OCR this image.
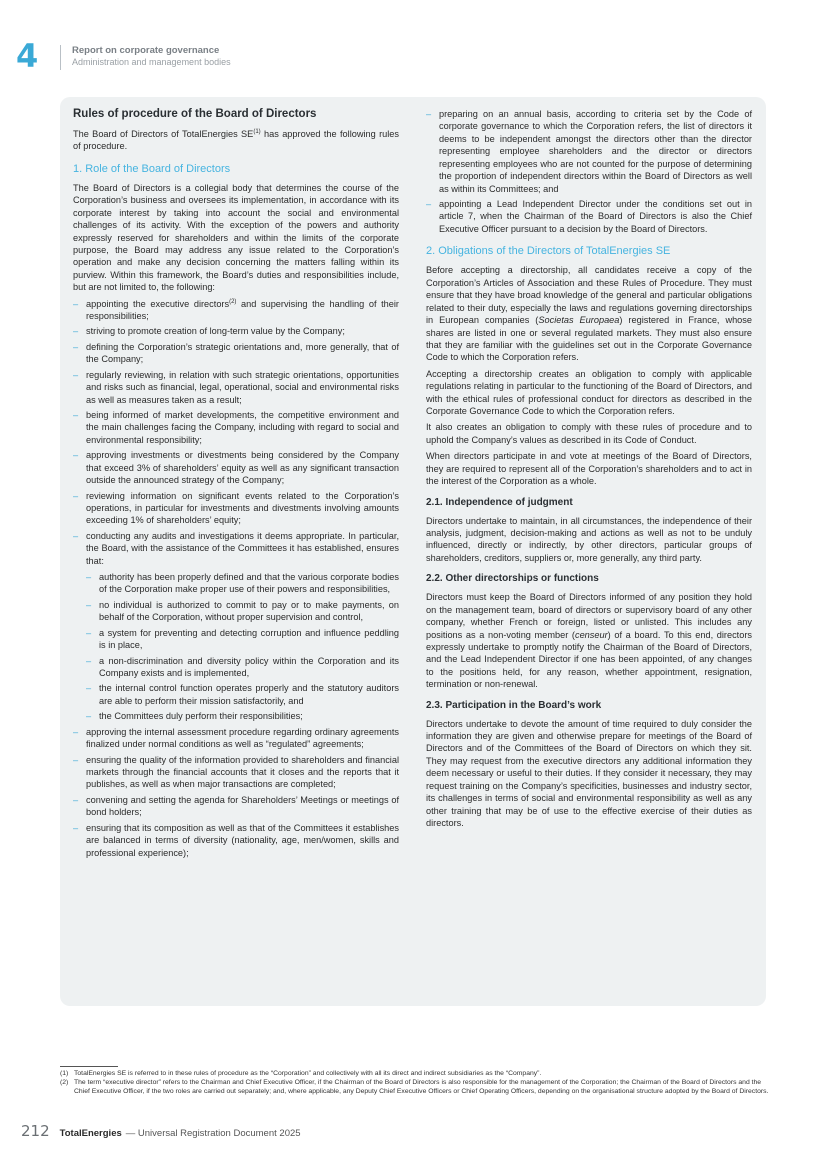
4	Report on corporate governance
Administration and management bodies
Rules of procedure of the Board of Directors

The Board of Directors of TotalEnergies SE$^{(1)}$ has approved the following rules of procedure.

1. Role of the Board of Directors

The Board of Directors is a collegial body that determines the course of the Corporation’s business and oversees its implementation, in accordance with its corporate interest by taking into account the social and environmental challenges of its activity. With the exception of the powers and authority expressly reserved for shareholders and within the limits of the corporate purpose, the Board may address any issue related to the Corporation’s operation and make any decision concerning the matters falling within its purview. Within this framework, the Board’s duties and responsibilities include, but are not limited to, the following:

– appointing the executive directors$^{(2)}$ and supervising the handling of their responsibilities;
– striving to promote creation of long-term value by the Company;
– defining the Corporation’s strategic orientations and, more generally, that of the Company;
– regularly reviewing, in relation with such strategic orientations, opportunities and risks such as financial, legal, operational, social and environmental risks as well as measures taken as a result;
– being informed of market developments, the competitive environment and the main challenges facing the Company, including with regard to social and environmental responsibility;
– approving investments or divestments being considered by the Company that exceed 3% of shareholders’ equity as well as any significant transaction outside the announced strategy of the Company;
– reviewing information on significant events related to the Corporation’s operations, in particular for investments and divestments involving amounts exceeding 1% of shareholders’ equity;
– conducting any audits and investigations it deems appropriate. In particular, the Board, with the assistance of the Committees it has established, ensures that:
– authority has been properly defined and that the various corporate bodies of the Corporation make proper use of their powers and responsibilities,
– no individual is authorized to commit to pay or to make payments, on behalf of the Corporation, without proper supervision and control,
– a system for preventing and detecting corruption and influence peddling is in place,
– a non-discrimination and diversity policy within the Corporation and its Company exists and is implemented,
– the internal control function operates properly and the statutory auditors are able to perform their mission satisfactorily, and
– the Committees duly perform their responsibilities;
– approving the internal assessment procedure regarding ordinary agreements finalized under normal conditions as well as “regulated” agreements;
– ensuring the quality of the information provided to shareholders and financial markets through the financial accounts that it closes and the reports that it publishes, as well as when major transactions are completed;
– convening and setting the agenda for Shareholders’ Meetings or meetings of bond holders;
– ensuring that its composition as well as that of the Committees it establishes are balanced in terms of diversity (nationality, age, men/women, skills and professional experience);
– preparing on an annual basis, according to criteria set by the Code of corporate governance to which the Corporation refers, the list of directors it deems to be independent amongst the directors other than the director representing employee shareholders and the director or directors representing employees who are not counted for the purpose of determining the proportion of independent directors within the Board of Directors as well as within its Committees; and
– appointing a Lead Independent Director under the conditions set out in article 7, when the Chairman of the Board of Directors is also the Chief Executive Officer pursuant to a decision by the Board of Directors.
2. Obligations of the Directors of TotalEnergies SE

Before accepting a directorship, all candidates receive a copy of the Corporation’s Articles of Association and these Rules of Procedure. They must ensure that they have broad knowledge of the general and particular obligations related to their duty, especially the laws and regulations governing directorships in European companies (Societas Europaea) registered in France, whose shares are listed in one or several regulated markets. They must also ensure that they are familiar with the guidelines set out in the Corporate Governance Code to which the Corporation refers.

Accepting a directorship creates an obligation to comply with applicable regulations relating in particular to the functioning of the Board of Directors, and with the ethical rules of professional conduct for directors as described in the Corporate Governance Code to which the Corporation refers.

It also creates an obligation to comply with these rules of procedure and to uphold the Company’s values as described in its Code of Conduct.

When directors participate in and vote at meetings of the Board of Directors, they are required to represent all of the Corporation’s shareholders and to act in the interest of the Corporation as a whole.

2.1. Independence of judgment

Directors undertake to maintain, in all circumstances, the independence of their analysis, judgment, decision-making and actions as well as not to be unduly influenced, directly or indirectly, by other directors, particular groups of shareholders, creditors, suppliers or, more generally, any third party.

2.2. Other directorships or functions

Directors must keep the Board of Directors informed of any position they hold on the management team, board of directors or supervisory board of any other company, whether French or foreign, listed or unlisted. This includes any positions as a non-voting member (censeur) of a board. To this end, directors expressly undertake to promptly notify the Chairman of the Board of Directors, and the Lead Independent Director if one has been appointed, of any changes to the positions held, for any reason, whether appointment, resignation, termination or non-renewal.

2.3. Participation in the Board’s work

Directors undertake to devote the amount of time required to duly consider the information they are given and otherwise prepare for meetings of the Board of Directors and of the Committees of the Board of Directors on which they sit. They may request from the executive directors any additional information they deem necessary or useful to their duties. If they consider it necessary, they may request training on the Company’s specificities, businesses and industry sector, its challenges in terms of social and environmental responsibility as well as any other training that may be of use to the effective exercise of their duties as directors.

(1) TotalEnergies SE is referred to in these rules of procedure as the “Corporation” and collectively with all its direct and indirect subsidiaries as the “Company”.
(2) The term “executive director” refers to the Chairman and Chief Executive Officer, if the Chairman of the Board of Directors is also responsible for the management of the Corporation; the Chairman of the Board of Directors and the Chief Executive Officer, if the two roles are carried out separately; and, where applicable, any Deputy Chief Executive Officers or Chief Operating Officers, depending on the organisational structure adopted by the Board of Directors.
212 TotalEnergies — Universal Registration Document 2025
